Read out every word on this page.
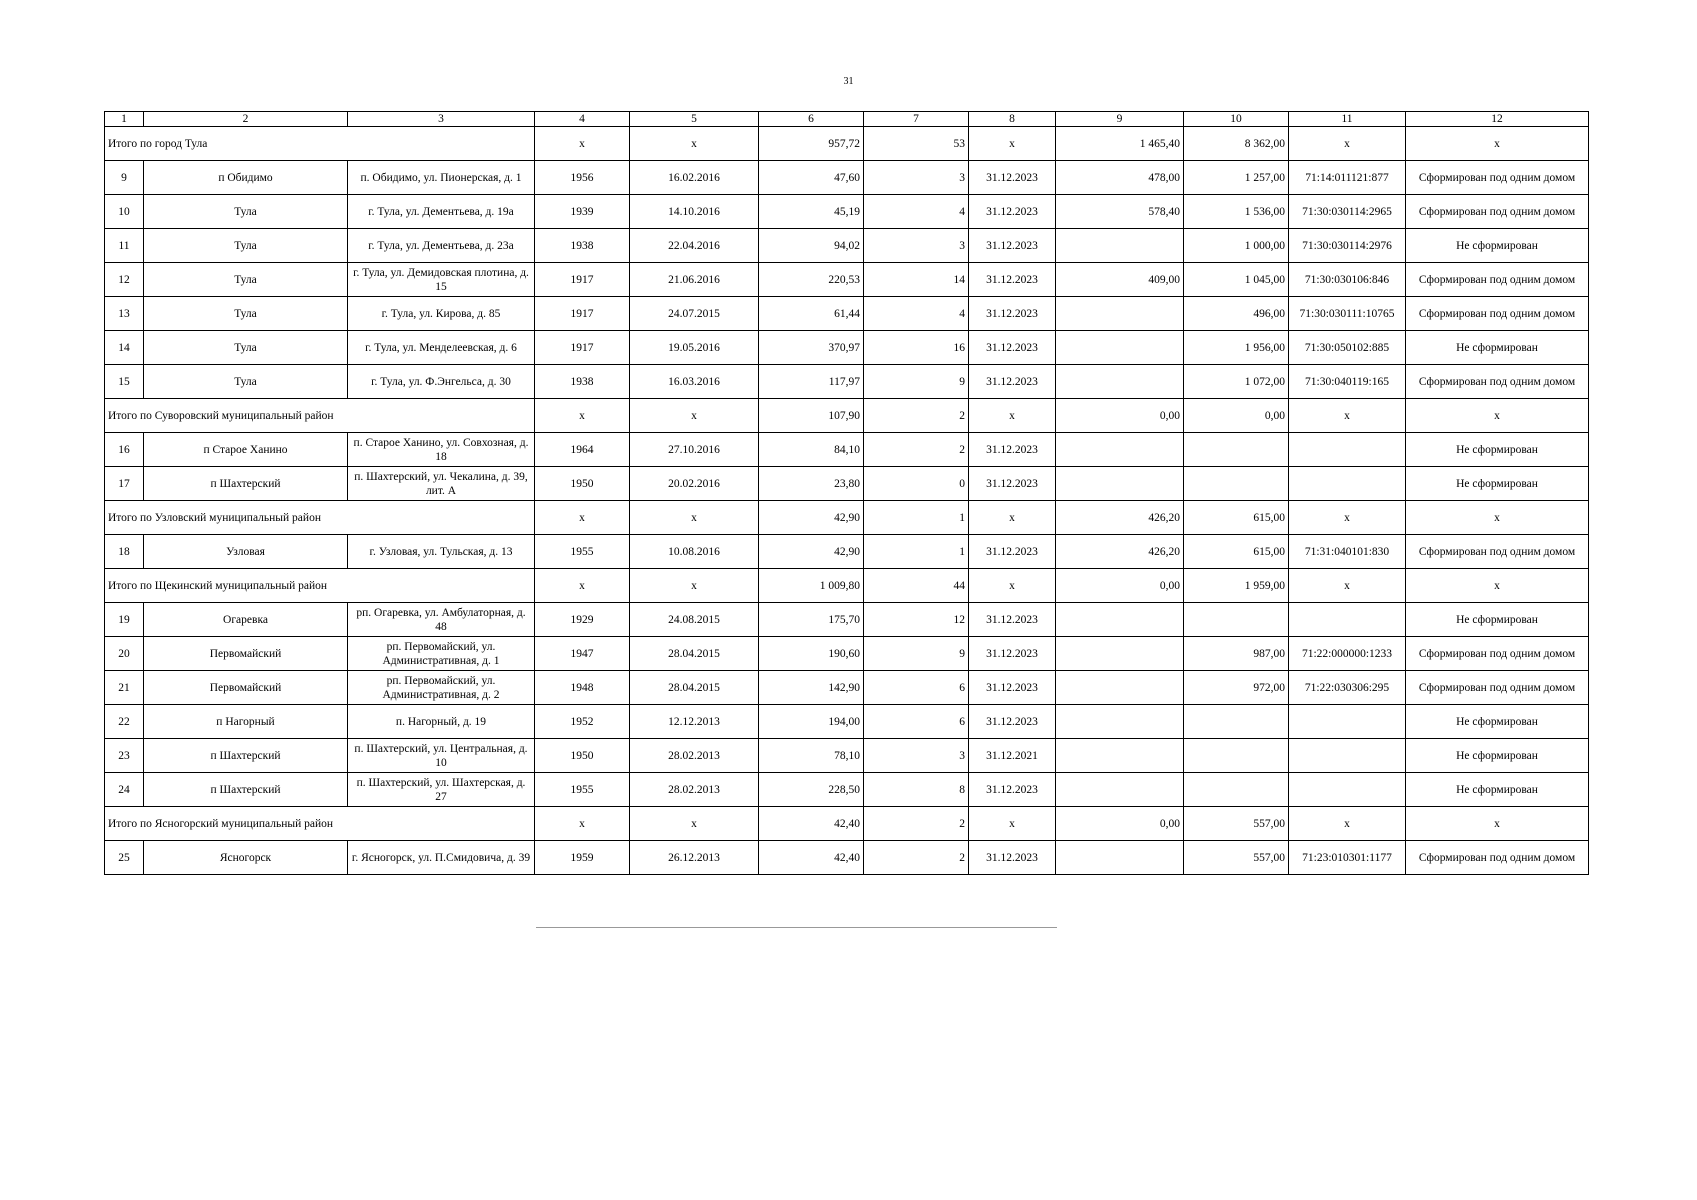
31
1	2	3	4	5	6	7	8	9	10	11	12
Итого по город Тула			х	х	957,72	53	х	1 465,40	8 362,00	х	х
9	п Обидимо	п. Обидимо, ул. Пионерская, д. 1	1956	16.02.2016	47,60	3	31.12.2023	478,00	1 257,00	71:14:011121:877	Сформирован под одним домом
10	Тула	г. Тула, ул. Дементьева, д. 19а	1939	14.10.2016	45,19	4	31.12.2023	578,40	1 536,00	71:30:030114:2965	Сформирован под одним домом
11	Тула	г. Тула, ул. Дементьева, д. 23а	1938	22.04.2016	94,02	3	31.12.2023		1 000,00	71:30:030114:2976	Не сформирован
12	Тула	г. Тула, ул. Демидовская плотина, д. 15	1917	21.06.2016	220,53	14	31.12.2023	409,00	1 045,00	71:30:030106:846	Сформирован под одним домом
13	Тула	г. Тула, ул. Кирова, д. 85	1917	24.07.2015	61,44	4	31.12.2023		496,00	71:30:030111:10765	Сформирован под одним домом
14	Тула	г. Тула, ул. Менделеевская, д. 6	1917	19.05.2016	370,97	16	31.12.2023		1 956,00	71:30:050102:885	Не сформирован
15	Тула	г. Тула, ул. Ф.Энгельса, д. 30	1938	16.03.2016	117,97	9	31.12.2023		1 072,00	71:30:040119:165	Сформирован под одним домом
Итого по Суворовский муниципальный район			х	х	107,90	2	х	0,00	0,00	х	х
16	п Старое Ханино	п. Старое Ханино, ул. Совхозная, д. 18	1964	27.10.2016	84,10	2	31.12.2023				Не сформирован
17	п Шахтерский	п. Шахтерский, ул. Чекалина, д. 39, лит. А	1950	20.02.2016	23,80	0	31.12.2023				Не сформирован
Итого по Узловский муниципальный район			х	х	42,90	1	х	426,20	615,00	х	х
18	Узловая	г. Узловая, ул. Тульская, д. 13	1955	10.08.2016	42,90	1	31.12.2023	426,20	615,00	71:31:040101:830	Сформирован под одним домом
Итого по Щекинский муниципальный район			х	х	1 009,80	44	х	0,00	1 959,00	х	х
19	Огаревка	рп. Огаревка, ул. Амбулаторная, д. 48	1929	24.08.2015	175,70	12	31.12.2023				Не сформирован
20	Первомайский	рп. Первомайский, ул. Административная, д. 1	1947	28.04.2015	190,60	9	31.12.2023		987,00	71:22:000000:1233	Сформирован под одним домом
21	Первомайский	рп. Первомайский, ул. Административная, д. 2	1948	28.04.2015	142,90	6	31.12.2023		972,00	71:22:030306:295	Сформирован под одним домом
22	п Нагорный	п. Нагорный, д. 19	1952	12.12.2013	194,00	6	31.12.2023				Не сформирован
23	п Шахтерский	п. Шахтерский, ул. Центральная, д. 10	1950	28.02.2013	78,10	3	31.12.2021				Не сформирован
24	п Шахтерский	п. Шахтерский, ул. Шахтерская, д. 27	1955	28.02.2013	228,50	8	31.12.2023				Не сформирован
Итого по Ясногорский муниципальный район			х	х	42,40	2	х	0,00	557,00	х	х
25	Ясногорск	г. Ясногорск, ул. П.Смидовича, д. 39	1959	26.12.2013	42,40	2	31.12.2023		557,00	71:23:010301:1177	Сформирован под одним домом
